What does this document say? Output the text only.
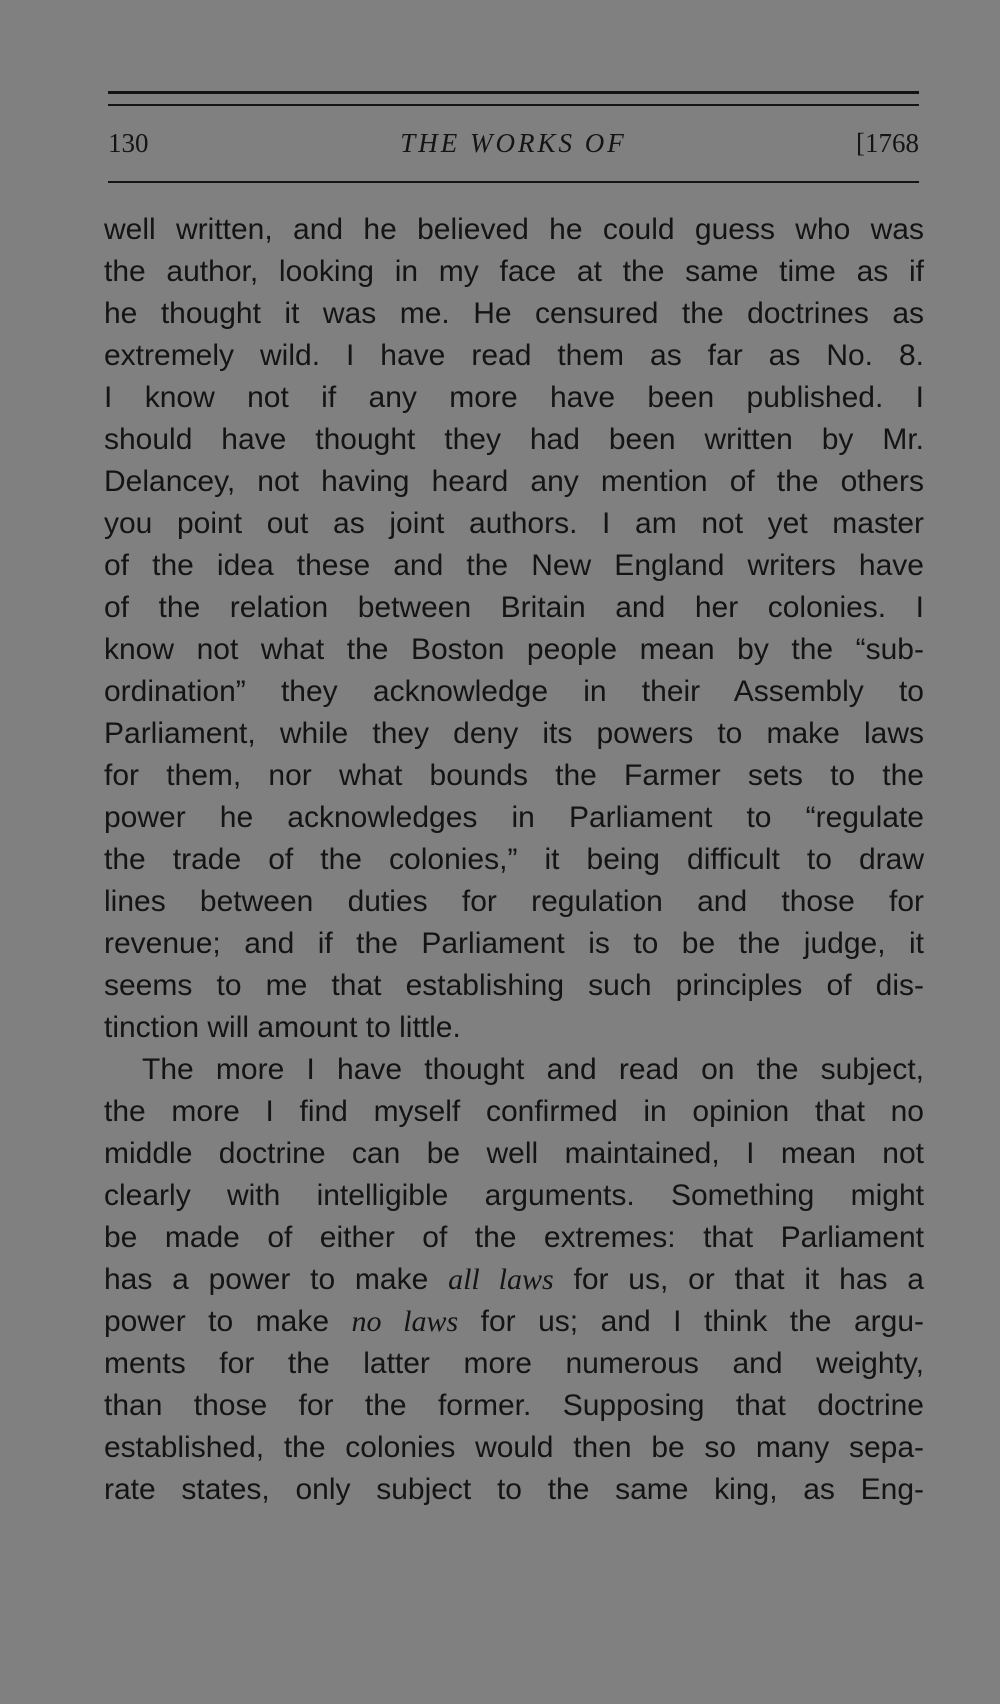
130	THE WORKS OF	[1768
well written, and he believed he could guess who was
the author, looking in my face at the same time as if
he thought it was me. He censured the doctrines as
extremely wild. I have read them as far as No. 8.
I know not if any more have been published. I
should have thought they had been written by Mr.
Delancey, not having heard any mention of the others
you point out as joint authors. I am not yet master
of the idea these and the New England writers have
of the relation between Britain and her colonies. I
know not what the Boston people mean by the “sub-
ordination” they acknowledge in their Assembly to
Parliament, while they deny its powers to make laws
for them, nor what bounds the Farmer sets to the
power he acknowledges in Parliament to “regulate
the trade of the colonies,” it being difficult to draw
lines between duties for regulation and those for
revenue; and if the Parliament is to be the judge, it
seems to me that establishing such principles of dis-
tinction will amount to little.
The more I have thought and read on the subject,
the more I find myself confirmed in opinion that no
middle doctrine can be well maintained, I mean not
clearly with intelligible arguments. Something might
be made of either of the extremes: that Parliament
has a power to make all laws for us, or that it has a
power to make no laws for us; and I think the argu-
ments for the latter more numerous and weighty,
than those for the former. Supposing that doctrine
established, the colonies would then be so many sepa-
rate states, only subject to the same king, as Eng-
